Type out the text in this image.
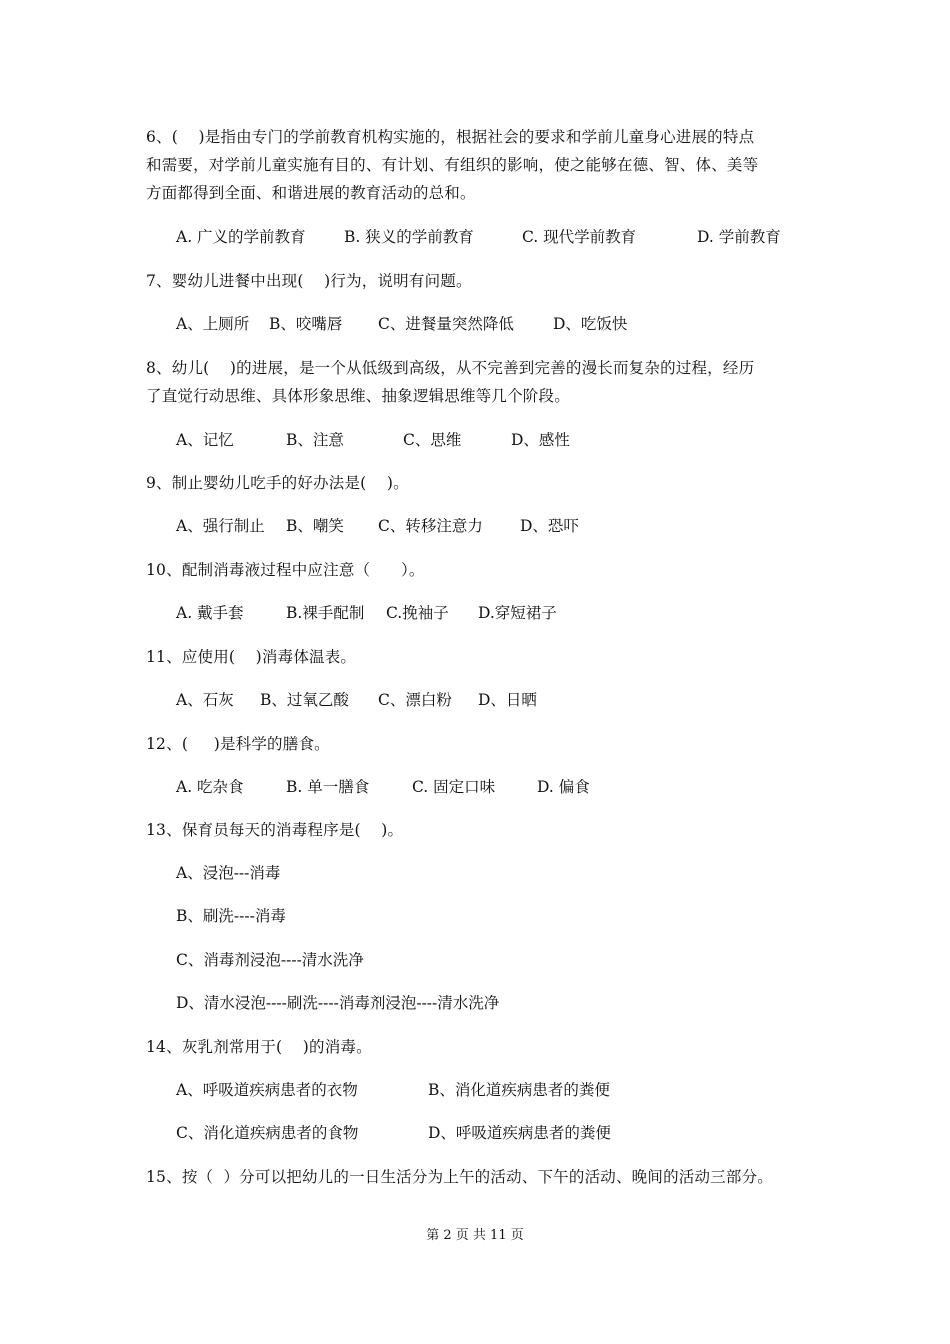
6、(    )是指由专门的学前教育机构实施的，根据社会的要求和学前儿童身心进展的特点
和需要，对学前儿童实施有目的、有计划、有组织的影响，使之能够在德、智、体、美等
方面都得到全面、和谐进展的教育活动的总和。
A. 广义的学前教育 B. 狭义的学前教育	C. 现代学前教育	D. 学前教育
7、婴幼儿进餐中出现(    )行为，说明有问题。
A、上厕所 B、咬嘴唇 C、进餐量突然降低	D、吃饭快
8、幼儿(    )的进展，是一个从低级到高级，从不完善到完善的漫长而复杂的过程，经历
了直觉行动思维、具体形象思维、抽象逻辑思维等几个阶段。
A、记忆	B、注意	C、思维	D、感性
9、制止婴幼儿吃手的好办法是(    )。
A、强行制止 B、嘲笑 C、转移注意力 D、恐吓
10、配制消毒液过程中应注意（      ）。
A. 戴手套	B.裸手配制 C.挽袖子 D.穿短裙子
11、应使用(    )消毒体温表。
A、石灰 B、过氧乙酸 C、漂白粉 D、日晒
12、(     )是科学的膳食。
A. 吃杂食	B. 单一膳食	C. 固定口味	D. 偏食
13、保育员每天的消毒程序是(    )。
A、浸泡---消毒
B、刷洗----消毒
C、消毒剂浸泡----清水洗净
D、清水浸泡----刷洗----消毒剂浸泡----清水洗净
14、灰乳剂常用于(    )的消毒。
A、呼吸道疾病患者的衣物	B、消化道疾病患者的粪便
C、消化道疾病患者的食物	D、呼吸道疾病患者的粪便
15、按（  ）分可以把幼儿的一日生活分为上午的活动、下午的活动、晚间的活动三部分。
第 2 页 共 11 页
